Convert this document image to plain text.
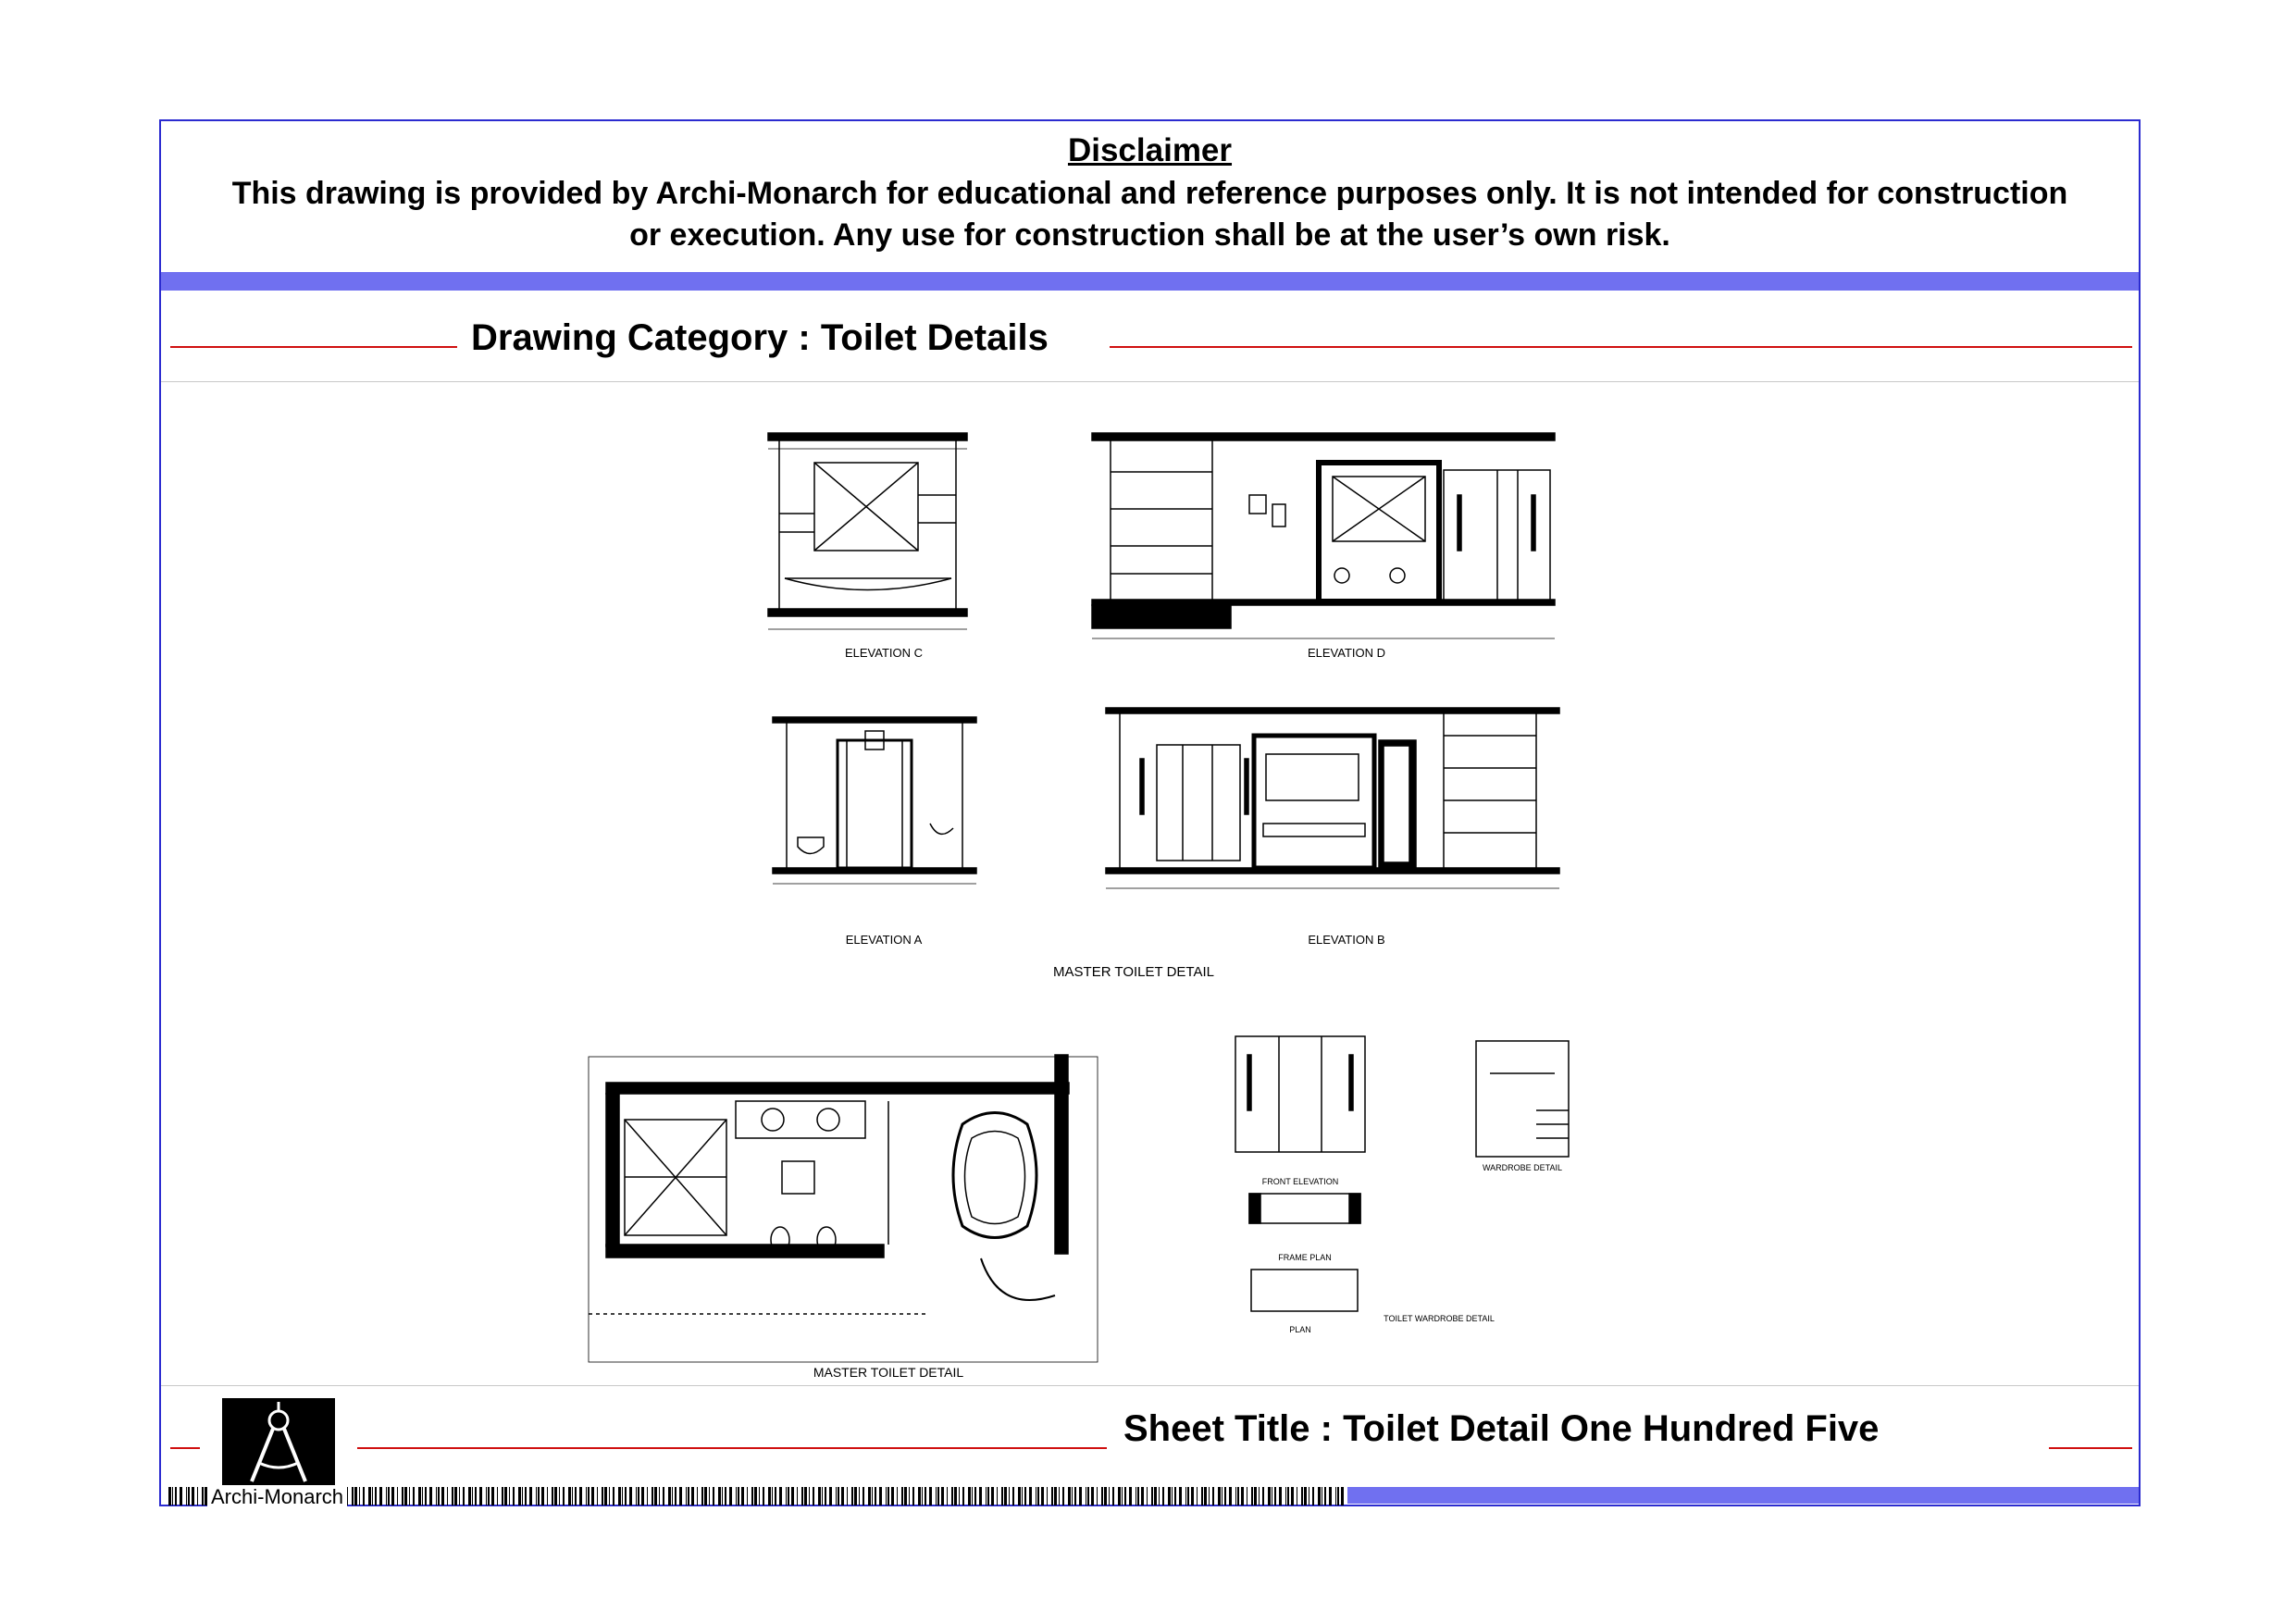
Disclaimer
This drawing is provided by Archi-Monarch for educational and reference purposes only. It is not intended for construction or execution. Any use for construction shall be at the user’s own risk.
Drawing Category : Toilet Details
Sheet Title : Toilet Detail One Hundred Five
Archi-Monarch
ELEVATION C	ELEVATION D
ELEVATION A	ELEVATION B
MASTER TOILET DETAIL
MASTER TOILET DETAIL
FRONT ELEVATION
WARDROBE DETAIL
FRAME PLAN
PLAN
TOILET WARDROBE DETAIL
